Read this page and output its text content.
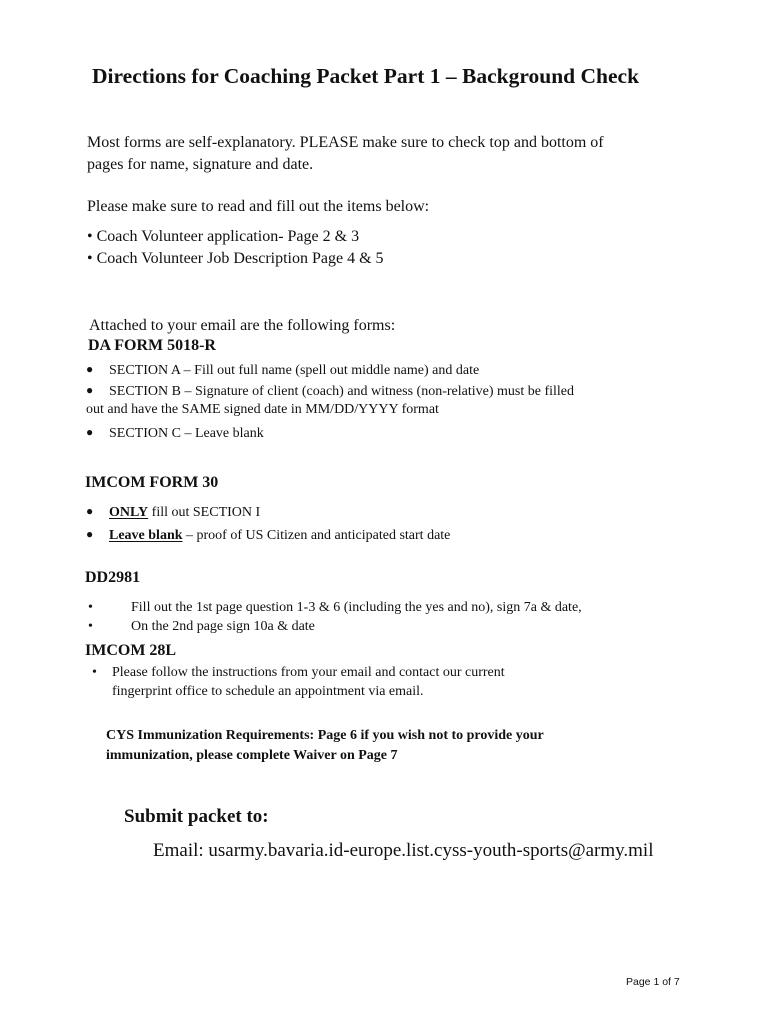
Directions for Coaching Packet Part 1 – Background Check
Most forms are self-explanatory. PLEASE make sure to check top and bottom of
pages for name, signature and date.
Please make sure to read and fill out the items below:
• Coach Volunteer application- Page 2 & 3
• Coach Volunteer Job Description Page 4 & 5
Attached to your email are the following forms:
DA FORM 5018-R
● SECTION A – Fill out full name (spell out middle name) and date
● SECTION B – Signature of client (coach) and witness (non-relative) must be filled
out and have the SAME signed date in MM/DD/YYYY format
● SECTION C – Leave blank
IMCOM FORM 30
● ONLY fill out SECTION I
● Leave blank – proof of US Citizen and anticipated start date
DD2981
•	Fill out the 1st page question 1-3 & 6 (including the yes and no), sign 7a & date,
•	On the 2nd page sign 10a & date
IMCOM 28L
• Please follow the instructions from your email and contact our current
fingerprint office to schedule an appointment via email.
CYS Immunization Requirements: Page 6 if you wish not to provide your
immunization, please complete Waiver on Page 7
Submit packet to:
Email: usarmy.bavaria.id-europe.list.cyss-youth-sports@army.mil
Page 1 of 7
